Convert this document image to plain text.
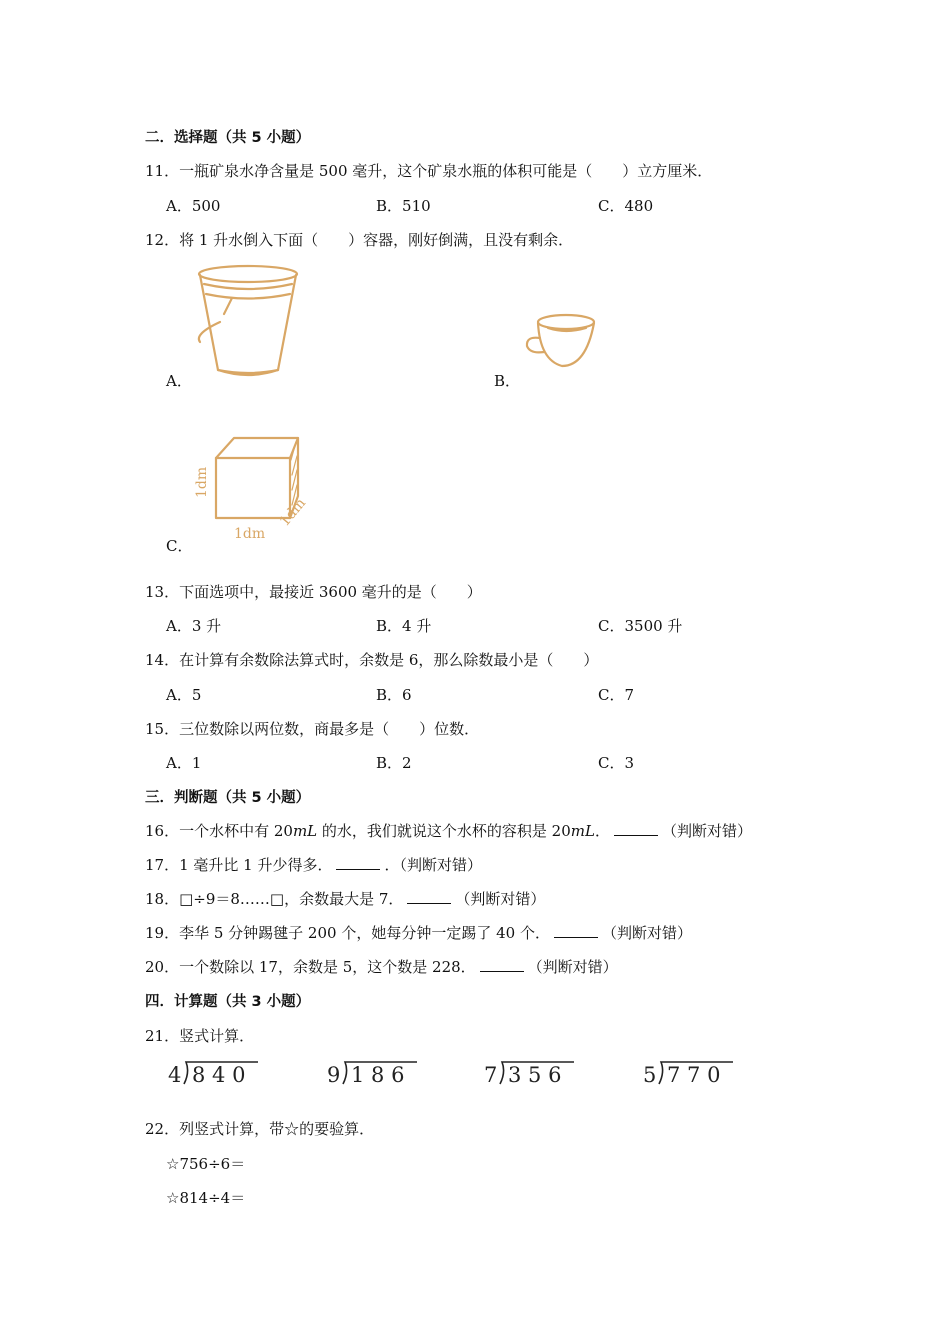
二．选择题（共 5 小题）
11．一瓶矿泉水净含量是 500 毫升，这个矿泉水瓶的体积可能是（　　）立方厘米．
A．500	B．510	C．480
12．将 1 升水倒入下面（　　）容器，刚好倒满，且没有剩余．
A．	B．
1dm
1dm
1dm
C．
13．下面选项中，最接近 3600 毫升的是（　　）
A．3 升	B．4 升	C．3500 升
14．在计算有余数除法算式时，余数是 6，那么除数最小是（　　）
A．5	B．6	C．7
15．三位数除以两位数，商最多是（　　）位数．
A．1	B．2	C．3
三．判断题（共 5 小题）
16．一个水杯中有 20mL 的水，我们就说这个水杯的容积是 20mL．	（判断对错）
17．1 毫升比 1 升少得多．	．（判断对错）
18．□÷9＝8……□，余数最大是 7．	（判断对错）
19．李华 5 分钟踢毽子 200 个，她每分钟一定踢了 40 个．	（判断对错）
20．一个数除以 17，余数是 5，这个数是 228．	（判断对错）
四．计算题（共 3 小题）
21．竖式计算．
4 8 4 0	9 1 8 6	7 3 5 6	5 7 7 0
22．列竖式计算，带☆的要验算．
☆756÷6＝
☆814÷4＝
